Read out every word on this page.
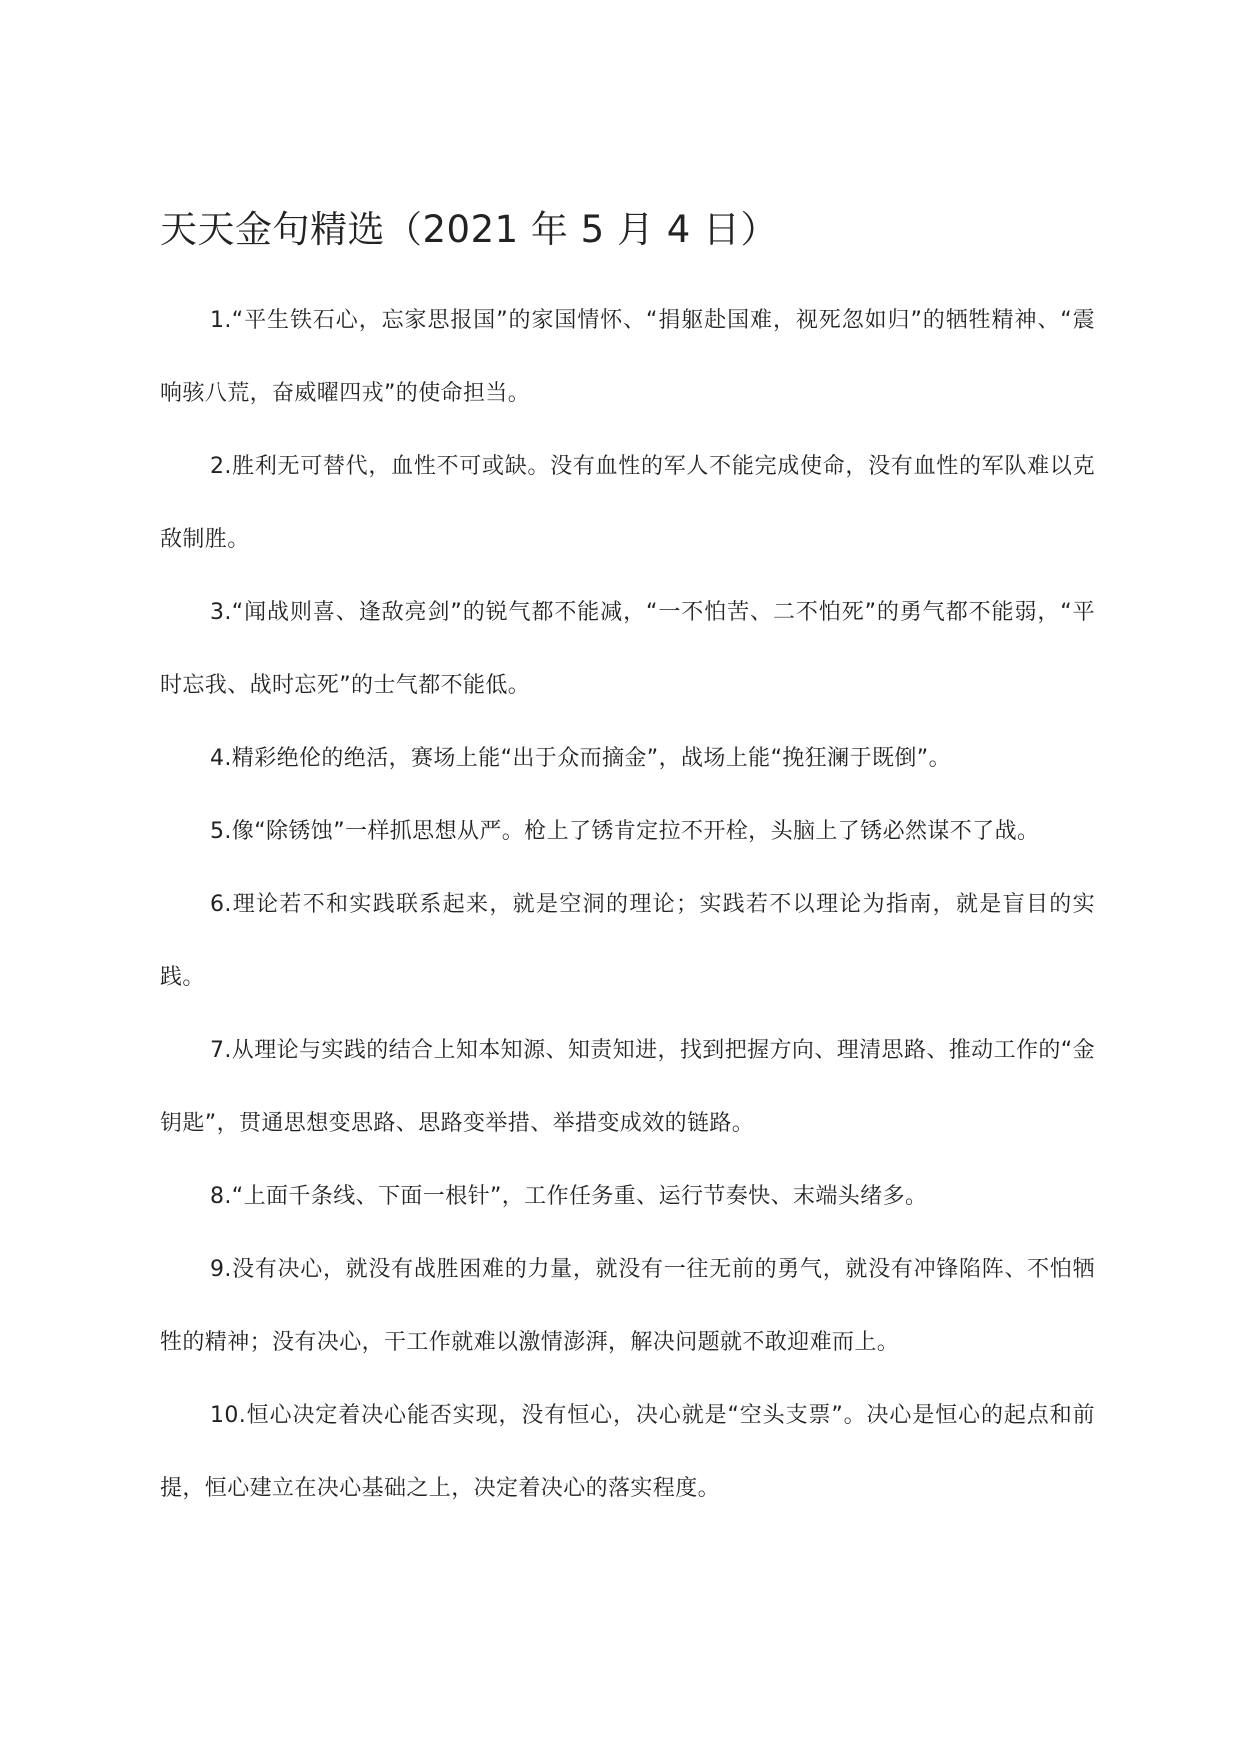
天天金句精选（2021 年 5 月 4 日）

1.“平生铁石心，忘家思报国”的家国情怀、“捐躯赴国难，视死忽如归”的牺牲精神、“震响骇八荒，奋威曜四戎”的使命担当。

2.胜利无可替代，血性不可或缺。没有血性的军人不能完成使命，没有血性的军队难以克敌制胜。

3.“闻战则喜、逢敌亮剑”的锐气都不能减，“一不怕苦、二不怕死”的勇气都不能弱，“平时忘我、战时忘死”的士气都不能低。

4.精彩绝伦的绝活，赛场上能“出于众而摘金”，战场上能“挽狂澜于既倒”。

5.像“除锈蚀”一样抓思想从严。枪上了锈肯定拉不开栓，头脑上了锈必然谋不了战。

6.理论若不和实践联系起来，就是空洞的理论；实践若不以理论为指南，就是盲目的实践。

7.从理论与实践的结合上知本知源、知责知进，找到把握方向、理清思路、推动工作的“金钥匙”，贯通思想变思路、思路变举措、举措变成效的链路。

8.“上面千条线、下面一根针”，工作任务重、运行节奏快、末端头绪多。

9.没有决心，就没有战胜困难的力量，就没有一往无前的勇气，就没有冲锋陷阵、不怕牺牲的精神；没有决心，干工作就难以激情澎湃，解决问题就不敢迎难而上。

10.恒心决定着决心能否实现，没有恒心，决心就是“空头支票”。决心是恒心的起点和前提，恒心建立在决心基础之上，决定着决心的落实程度。
